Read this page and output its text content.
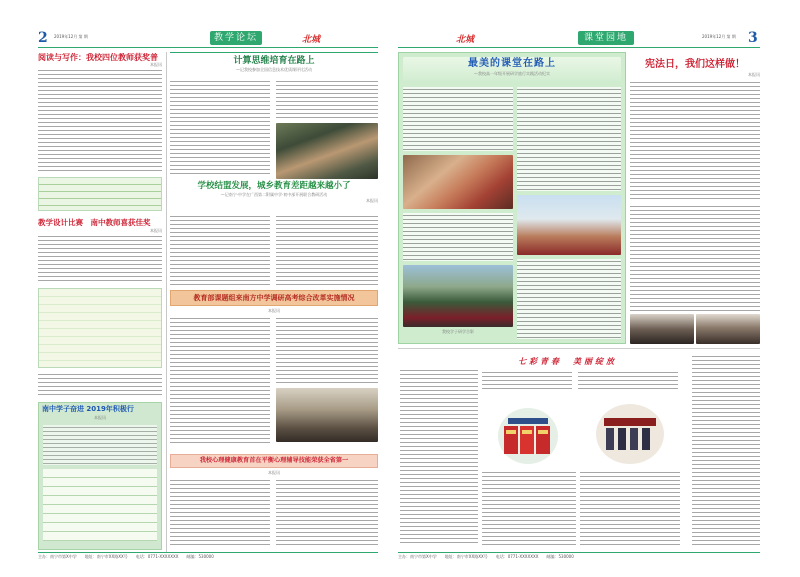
2 2019年12月 第 期	教学论坛	北城
阅读与写作：我校四位教师获奖普
本报讯
教学设计比赛　南中教师喜获佳奖
本报讯
南中学子奋进 2019年积极行
本报讯
计算思维培育在路上
—记我校参加全国信息技术优质课评比活动
学校结盟发展，城乡教育差距越来越小了
—记南宁·中学在广西第二附属中学·初中部开展联合教研活动
本报讯
教育部课题组来南方中学调研高考综合改革实施情况
本报讯
我校心理健康教育首在平衡心理辅导技能荣获全省第一
本报讯
主办：南宁市第X中学　　地址：南宁市XX路XX号　　电话：0771-XXXXXXX　　邮编：530000
北城	课堂园地	2019年12月 第 期 3
最美的课堂在路上
—我校高一年级开展研学旅行实践活动纪实
我校学子研学合影
宪法日，我们这样做！
本报讯
七彩青春　美丽绽放
主办：南宁市第X中学　　地址：南宁市XX路XX号　　电话：0771-XXXXXXX　　邮编：530000
